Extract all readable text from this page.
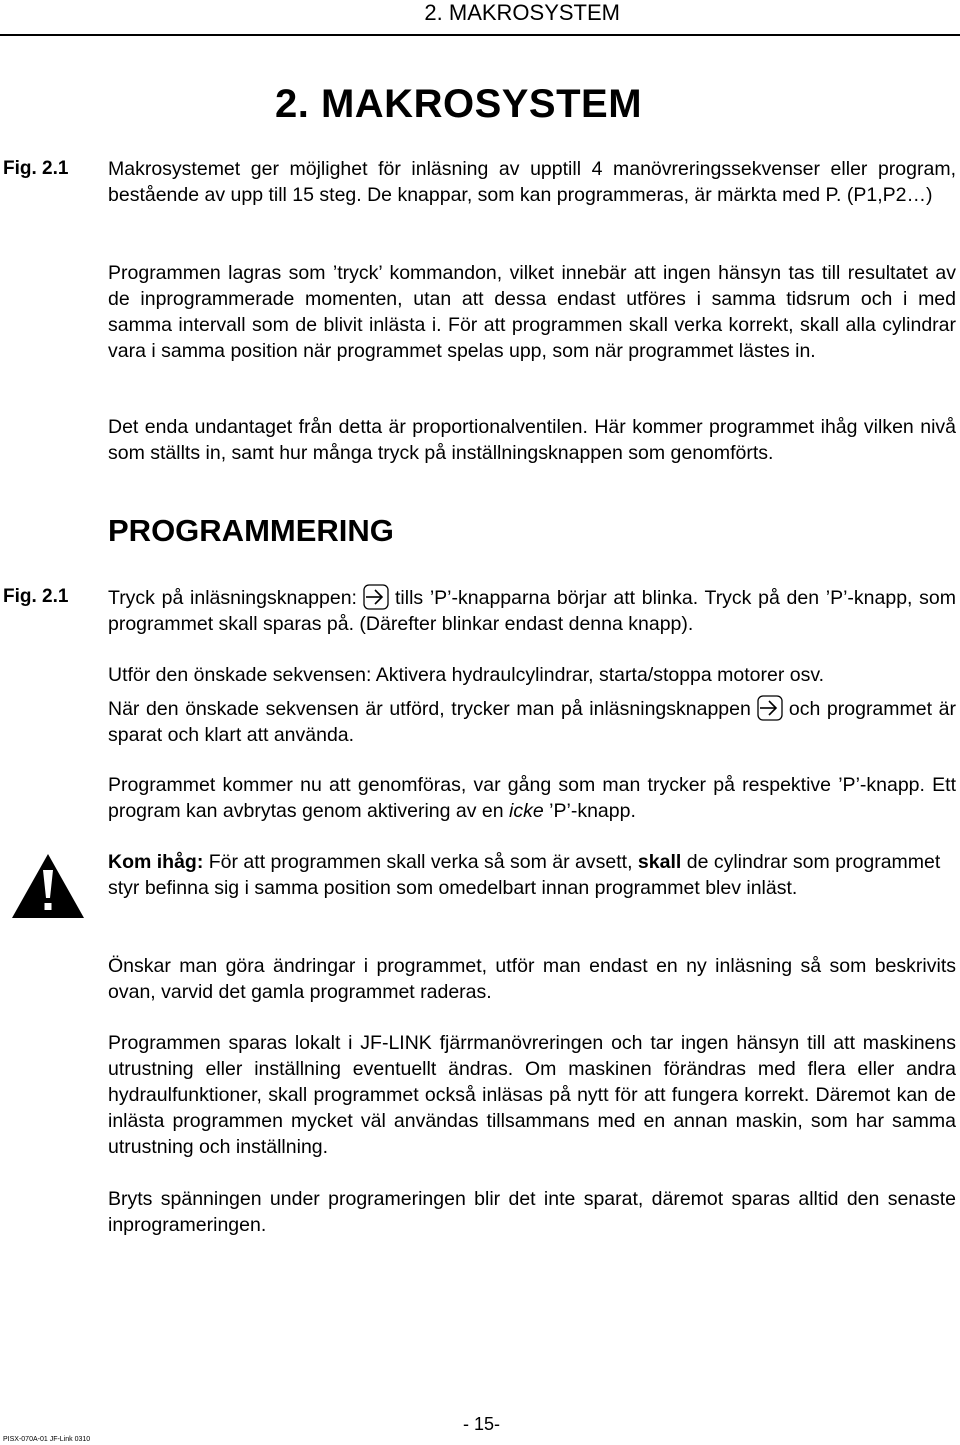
2. MAKROSYSTEM
2. MAKROSYSTEM
Fig. 2.1 Makrosystemet ger möjlighet för inläsning av upptill 4 manövreringssekvenser eller program, bestående av upp till 15 steg. De knappar, som kan programmeras, är märkta med P. (P1,P2…)
Programmen lagras som ’tryck’ kommandon, vilket innebär att ingen hänsyn tas till resultatet av de inprogrammerade momenten, utan att dessa endast utföres i samma tidsrum och i med samma intervall som de blivit inlästa i. För att programmen skall verka korrekt, skall alla cylindrar vara i samma position när programmet spelas upp, som när programmet lästes in.
Det enda undantaget från detta är proportionalventilen. Här kommer programmet ihåg vilken nivå som ställts in, samt hur många tryck på inställningsknappen som genomförts.
PROGRAMMERING
Fig. 2.1 Tryck på inläsningsknappen: tills ’P’-knapparna börjar att blinka. Tryck på den ’P’-knapp, som programmet skall sparas på. (Därefter blinkar endast denna knapp).
Utför den önskade sekvensen: Aktivera hydraulcylindrar, starta/stoppa motorer osv.
När den önskade sekvensen är utförd, trycker man på inläsningsknappen och programmet är sparat och klart att använda.
Programmet kommer nu att genomföras, var gång som man trycker på respektive ’P’-knapp. Ett program kan avbrytas genom aktivering av en icke ’P’-knapp.
Kom ihåg: För att programmen skall verka så som är avsett, skall de cylindrar som programmet styr befinna sig i samma position som omedelbart innan programmet blev inläst.
Önskar man göra ändringar i programmet, utför man endast en ny inläsning så som beskrivits ovan, varvid det gamla programmet raderas.
Programmen sparas lokalt i JF-LINK fjärrmanövreringen och tar ingen hänsyn till att maskinens utrustning eller inställning eventuellt ändras. Om maskinen förändras med flera eller andra hydraulfunktioner, skall programmet också inläsas på nytt för att fungera korrekt. Däremot kan de inlästa programmen mycket väl användas tillsammans med en annan maskin, som har samma utrustning och inställning.
Bryts spänningen under programeringen blir det inte sparat, däremot sparas alltid den senaste inprogrameringen.
- 15-
PISX-070A-01 JF-Link 0310
